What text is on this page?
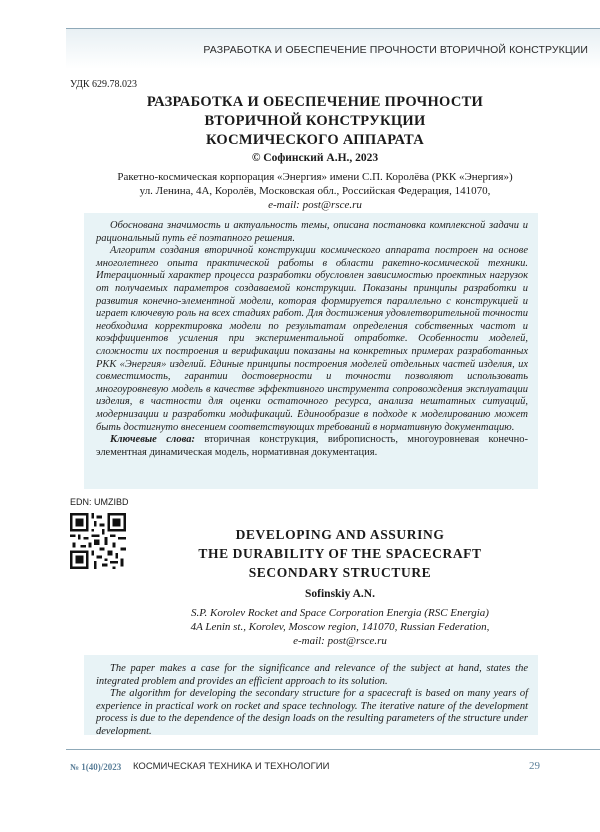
РАЗРАБОТКА И ОБЕСПЕЧЕНИЕ ПРОЧНОСТИ ВТОРИЧНОЙ КОНСТРУКЦИИ
УДК 629.78.023
РАЗРАБОТКА И ОБЕСПЕЧЕНИЕ ПРОЧНОСТИ
ВТОРИЧНОЙ КОНСТРУКЦИИ
КОСМИЧЕСКОГО АППАРАТА
© Софинский А.Н., 2023
Ракетно-космическая корпорация «Энергия» имени С.П. Королёва (РКК «Энергия»)
ул. Ленина, 4А, Королёв, Московская обл., Российская Федерация, 141070,
e-mail: post@rsce.ru

Обоснована значимость и актуальность темы, описана постановка комплексной задачи и рациональный путь её поэтапного решения.

Алгоритм создания вторичной конструкции космического аппарата построен на основе многолетнего опыта практической работы в области ракетно-космической техники. Итерационный характер процесса разработки обусловлен зависимостью проектных нагрузок от получаемых параметров создаваемой конструкции. Показаны принципы разработки и развития конечно-элементной модели, которая формируется параллельно с конструкцией и играет ключевую роль на всех стадиях работ. Для достижения удовлетворительной точности необходима корректировка модели по результатам определения собственных частот и коэффициентов усиления при экспериментальной отработке. Особенности моделей, сложности их построения и верификации показаны на конкретных примерах разработанных РКК «Энергия» изделий. Единые принципы построения моделей отдельных частей изделия, их совместимость, гарантии достоверности и точности позволяют использовать многоуровневую модель в качестве эффективного инструмента сопровождения эксплуатации изделия, в частности для оценки остаточного ресурса, анализа нештатных ситуаций, модернизации и разработки модификаций. Единообразие в подходе к моделированию может быть достигнуто внесением соответствующих требований в нормативную документацию.

Ключевые слова: вторичная конструкция, виброписность, многоуровневая конечно-элементная динамическая модель, нормативная документация.

EDN: UMZIBD
DEVELOPING AND ASSURING
THE DURABILITY OF THE SPACECRAFT
SECONDARY STRUCTURE
Sofinskiy A.N.
S.P. Korolev Rocket and Space Corporation Energia (RSC Energia)
4A Lenin st., Korolev, Moscow region, 141070, Russian Federation,
e-mail: post@rsce.ru

The paper makes a case for the significance and relevance of the subject at hand, states the integrated problem and provides an efficient approach to its solution.

The algorithm for developing the secondary structure for a spacecraft is based on many years of experience in practical work on rocket and space technology. The iterative nature of the development process is due to the dependence of the design loads on the resulting parameters of the structure under development.

№ 1(40)/2023 КОСМИЧЕСКАЯ ТЕХНИКА И ТЕХНОЛОГИИ	29
